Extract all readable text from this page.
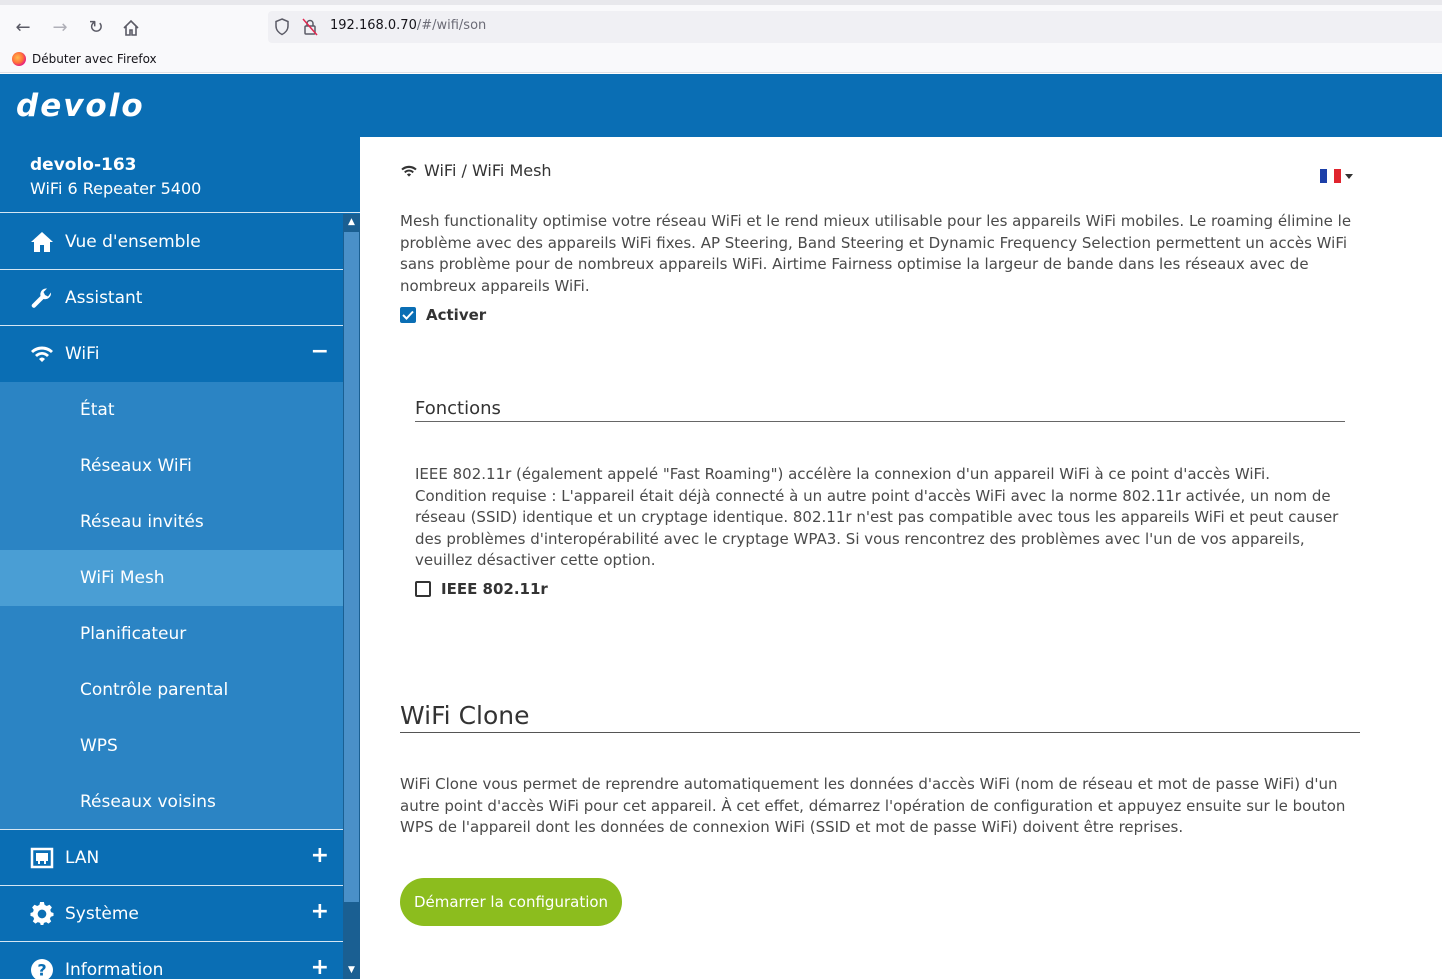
←	→	↻	192.168.0.70/#/wifi/son
Débuter avec Firefox
devolo
devolo-163
WiFi 6 Repeater 5400
Vue d'ensemble
Assistant
WiFi	−
État
Réseaux WiFi
Réseau invités
WiFi Mesh
Planificateur
Contrôle parental
WPS
Réseaux voisins
LAN	+
Système	+
? Information	+
▲
▼
WiFi / WiFi Mesh

Mesh functionality optimise votre réseau WiFi et le rend mieux utilisable pour les appareils WiFi mobiles. Le roaming élimine le problème avec des appareils WiFi fixes. AP Steering, Band Steering et Dynamic Frequency Selection permettent un accès WiFi sans problème pour de nombreux appareils WiFi. Airtime Fairness optimise la largeur de bande dans les réseaux avec de nombreux appareils WiFi.

Activer
Fonctions

IEEE 802.11r (également appelé "Fast Roaming") accélère la connexion d'un appareil WiFi à ce point d'accès WiFi. Condition requise : L'appareil était déjà connecté à un autre point d'accès WiFi avec la norme 802.11r activée, un nom de réseau (SSID) identique et un cryptage identique. 802.11r n'est pas compatible avec tous les appareils WiFi et peut causer des problèmes d'interopérabilité avec le cryptage WPA3. Si vous rencontrez des problèmes avec l'un de vos appareils, veuillez désactiver cette option.

IEEE 802.11r
WiFi Clone

WiFi Clone vous permet de reprendre automatiquement les données d'accès WiFi (nom de réseau et mot de passe WiFi) d'un autre point d'accès WiFi pour cet appareil. À cet effet, démarrez l'opération de configuration et appuyez ensuite sur le bouton WPS de l'appareil dont les données de connexion WiFi (SSID et mot de passe WiFi) doivent être reprises.

Démarrer la configuration
